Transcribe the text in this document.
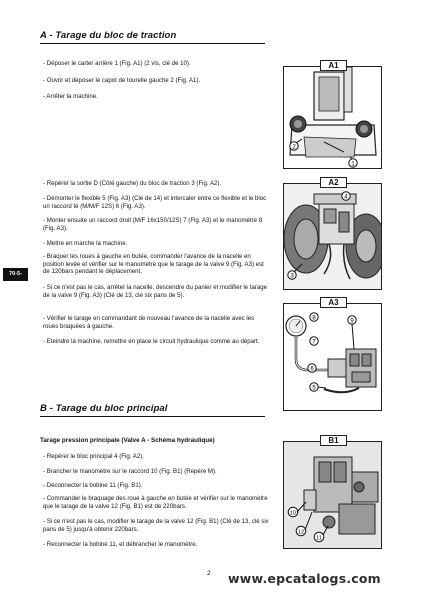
A - Tarage du bloc de traction
- Déposer le carter arrière 1 (Fig. A1) (2 vis, clé de 10).
- Ouvrir et déposer le capot de tourelle gauche 2 (Fig. A1).
- Arrêter la machine.
- Repérer la sortie D (Côté gauche) du bloc de traction 3 (Fig. A2).
- Démonter le flexible 5 (Fig. A3) (Clé de 14) et intercaler entre ce flexible et le bloc un raccord té (M/M/F 12S) 6 (Fig. A3).
- Monter ensuite un raccord droit (M/F 16x150/12S) 7 (Fig. A3) et le manomètre 8 (Fig. A3).
- Mettre en marche la machine.
- Braquer les roues à gauche en butée, commander l'avance de la nacelle en position levée et vérifier sur le manomètre que le tarage de la valve 9 (Fig. A3) est de 120bars pendant le déplacement.
- Si ce n'est pas le cas, arrêter la nacelle, descendre du panier et modifier le tarage de la valve 9 (Fig. A3) (Clé de 13, clé six pans de 5).
- Vérifier le tarage en commandant de nouveau l'avance de la nacelle avec les roues braquées à gauche.
- Eteindre la machine, remettre en place le circuit hydraulique comme au départ.
70-5-M.85
B - Tarage du bloc principal
Tarage pression principale (Valve A - Schéma hydraulique)
- Repérer le bloc principal 4 (Fig. A2).
- Brancher le manomètre sur le raccord 10 (Fig. B1) (Repère M).
- Déconnecter la bobine 11 (Fig. B1).
- Commander le braquage des roue à gauche en butée et vérifier sur le manomètre que le tarage de la valve 12 (Fig. B1) est de 220bars.
- Si ce n'est pas le cas, modifier le tarage de la valve 12 (Fig. B1) (Clé de 13, clé six pans de 5) jusqu'à obtenir 220bars.
- Reconnecter la bobine 11, et débrancher le manomètre.
2
1
A1
3
4
A2
8
7
6
9
5
A3
10
12
11
B1
2 www.epcatalogs.com
